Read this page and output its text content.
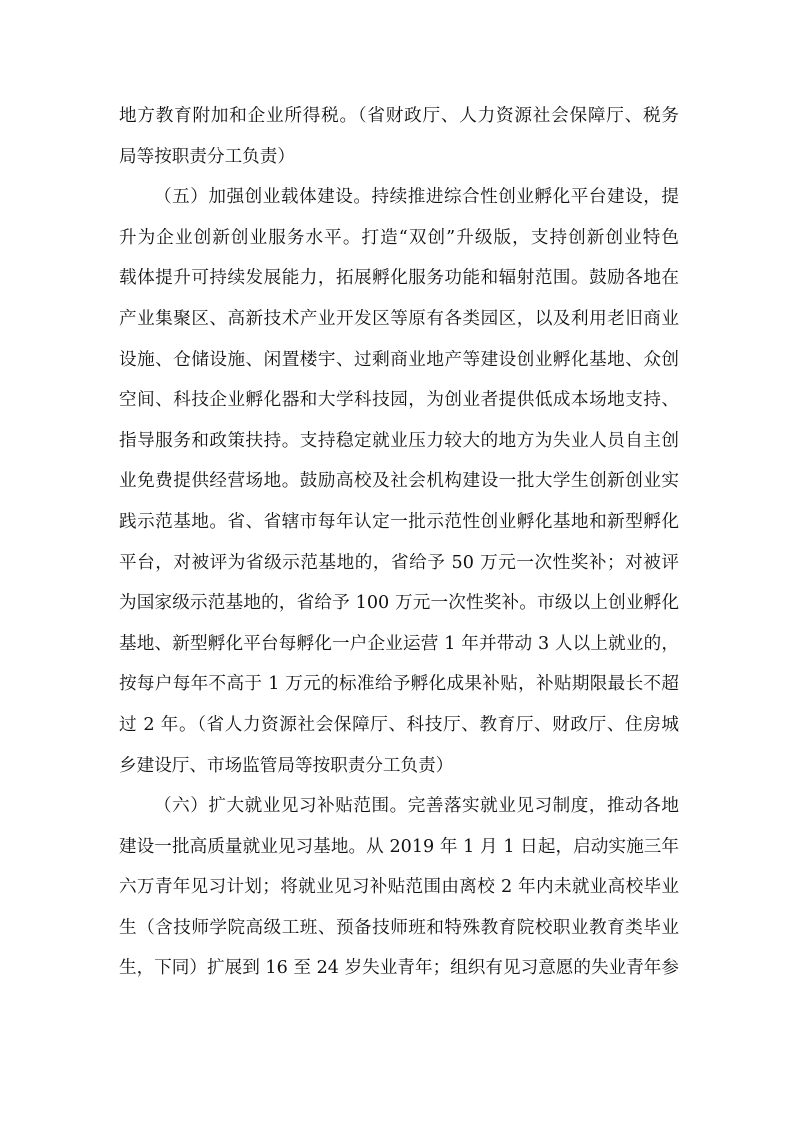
地方教育附加和企业所得税。（省财政厅、人力资源社会保障厅、税务
局等按职责分工负责）
（五）加强创业载体建设。持续推进综合性创业孵化平台建设，提
升为企业创新创业服务水平。打造“双创”升级版，支持创新创业特色
载体提升可持续发展能力，拓展孵化服务功能和辐射范围。鼓励各地在
产业集聚区、高新技术产业开发区等原有各类园区，以及利用老旧商业
设施、仓储设施、闲置楼宇、过剩商业地产等建设创业孵化基地、众创
空间、科技企业孵化器和大学科技园，为创业者提供低成本场地支持、
指导服务和政策扶持。支持稳定就业压力较大的地方为失业人员自主创
业免费提供经营场地。鼓励高校及社会机构建设一批大学生创新创业实
践示范基地。省、省辖市每年认定一批示范性创业孵化基地和新型孵化
平台，对被评为省级示范基地的，省给予 50 万元一次性奖补；对被评
为国家级示范基地的，省给予 100 万元一次性奖补。市级以上创业孵化
基地、新型孵化平台每孵化一户企业运营 1 年并带动 3 人以上就业的，
按每户每年不高于 1 万元的标准给予孵化成果补贴，补贴期限最长不超
过 2 年。（省人力资源社会保障厅、科技厅、教育厅、财政厅、住房城
乡建设厅、市场监管局等按职责分工负责）
（六）扩大就业见习补贴范围。完善落实就业见习制度，推动各地
建设一批高质量就业见习基地。从 2019 年 1 月 1 日起，启动实施三年
六万青年见习计划；将就业见习补贴范围由离校 2 年内未就业高校毕业
生（含技师学院高级工班、预备技师班和特殊教育院校职业教育类毕业
生，下同）扩展到 16 至 24 岁失业青年；组织有见习意愿的失业青年参
